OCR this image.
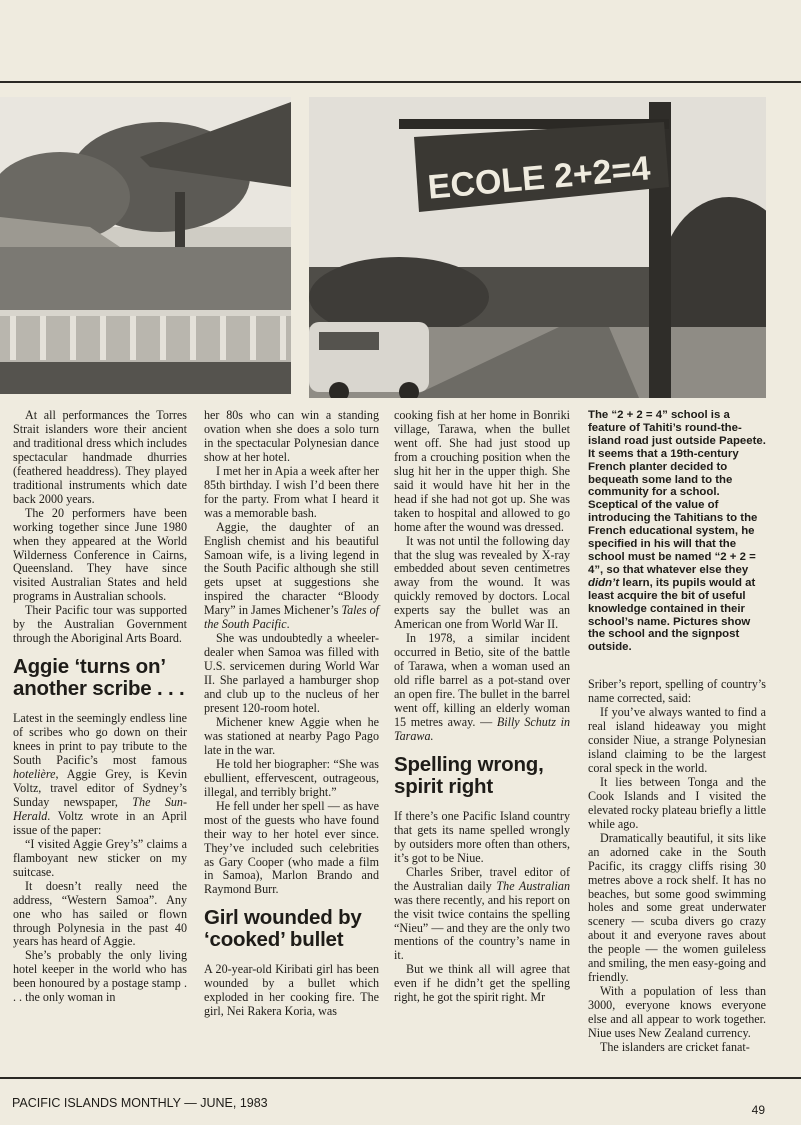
ECOLE 2+2=4

At all performances the Torres Strait islanders wore their ancient and traditional dress which includes spectacular handmade dhurries (feathered headdress). They played traditional instruments which date back 2000 years.

The 20 performers have been working together since June 1980 when they appeared at the World Wilderness Conference in Cairns, Queensland. They have since visited Australian States and held programs in Australian schools.

Their Pacific tour was supported by the Australian Government through the Aboriginal Arts Board.

Aggie ‘turns on’ another scribe . . .

Latest in the seemingly endless line of scribes who go down on their knees in print to pay tribute to the South Pacific’s most famous hotelière, Aggie Grey, is Kevin Voltz, travel editor of Sydney’s Sunday newspaper, The Sun-Herald. Voltz wrote in an April issue of the paper:

“I visited Aggie Grey’s” claims a flamboyant new sticker on my suitcase.

It doesn’t really need the address, “Western Samoa”. Any one who has sailed or flown through Polynesia in the past 40 years has heard of Aggie.

She’s probably the only living hotel keeper in the world who has been honoured by a postage stamp . . . the only woman in

her 80s who can win a standing ovation when she does a solo turn in the spectacular Polynesian dance show at her hotel.

I met her in Apia a week after her 85th birthday. I wish I’d been there for the party. From what I heard it was a memorable bash.

Aggie, the daughter of an English chemist and his beautiful Samoan wife, is a living legend in the South Pacific although she still gets upset at suggestions she inspired the character “Bloody Mary” in James Michener’s Tales of the South Pacific.

She was undoubtedly a wheeler-dealer when Samoa was filled with U.S. servicemen during World War II. She parlayed a hamburger shop and club up to the nucleus of her present 120-room hotel.

Michener knew Aggie when he was stationed at nearby Pago Pago late in the war.

He told her biographer: “She was ebullient, effervescent, outrageous, illegal, and terribly bright.”

He fell under her spell — as have most of the guests who have found their way to her hotel ever since. They’ve included such celebrities as Gary Cooper (who made a film in Samoa), Marlon Brando and Raymond Burr.

Girl wounded by ‘cooked’ bullet

A 20-year-old Kiribati girl has been wounded by a bullet which exploded in her cooking fire. The girl, Nei Rakera Koria, was

cooking fish at her home in Bonriki village, Tarawa, when the bullet went off. She had just stood up from a crouching position when the slug hit her in the upper thigh. She said it would have hit her in the head if she had not got up. She was taken to hospital and allowed to go home after the wound was dressed.

It was not until the following day that the slug was revealed by X-ray embedded about seven centimetres away from the wound. It was quickly removed by doctors. Local experts say the bullet was an American one from World War II.

In 1978, a similar incident occurred in Betio, site of the battle of Tarawa, when a woman used an old rifle barrel as a pot-stand over an open fire. The bullet in the barrel went off, killing an elderly woman 15 metres away. — Billy Schutz in Tarawa.

Spelling wrong, spirit right

If there’s one Pacific Island country that gets its name spelled wrongly by outsiders more often than others, it’s got to be Niue.

Charles Sriber, travel editor of the Australian daily The Australian was there recently, and his report on the visit twice contains the spelling “Nieu” — and they are the only two mentions of the country’s name in it.

But we think all will agree that even if he didn’t get the spelling right, he got the spirit right. Mr

The “2 + 2 = 4” school is a feature of Tahiti’s round-the-island road just outside Papeete. It seems that a 19th-century French planter decided to bequeath some land to the community for a school. Sceptical of the value of introducing the Tahitians to the French educational system, he specified in his will that the school must be named “2 + 2 = 4”, so that whatever else they didn’t learn, its pupils would at least acquire the bit of useful knowledge contained in their school’s name. Pictures show the school and the signpost outside.

Sriber’s report, spelling of country’s name corrected, said:

If you’ve always wanted to find a real island hideaway you might consider Niue, a strange Polynesian island claiming to be the largest coral speck in the world.

It lies between Tonga and the Cook Islands and I visited the elevated rocky plateau briefly a little while ago.

Dramatically beautiful, it sits like an adorned cake in the South Pacific, its craggy cliffs rising 30 metres above a rock shelf. It has no beaches, but some good swimming holes and some great underwater scenery — scuba divers go crazy about it and everyone raves about the people — the women guileless and smiling, the men easy-going and friendly.

With a population of less than 3000, everyone knows everyone else and all appear to work together. Niue uses New Zealand currency.

The islanders are cricket fanat-

PACIFIC ISLANDS MONTHLY — JUNE, 1983	49
